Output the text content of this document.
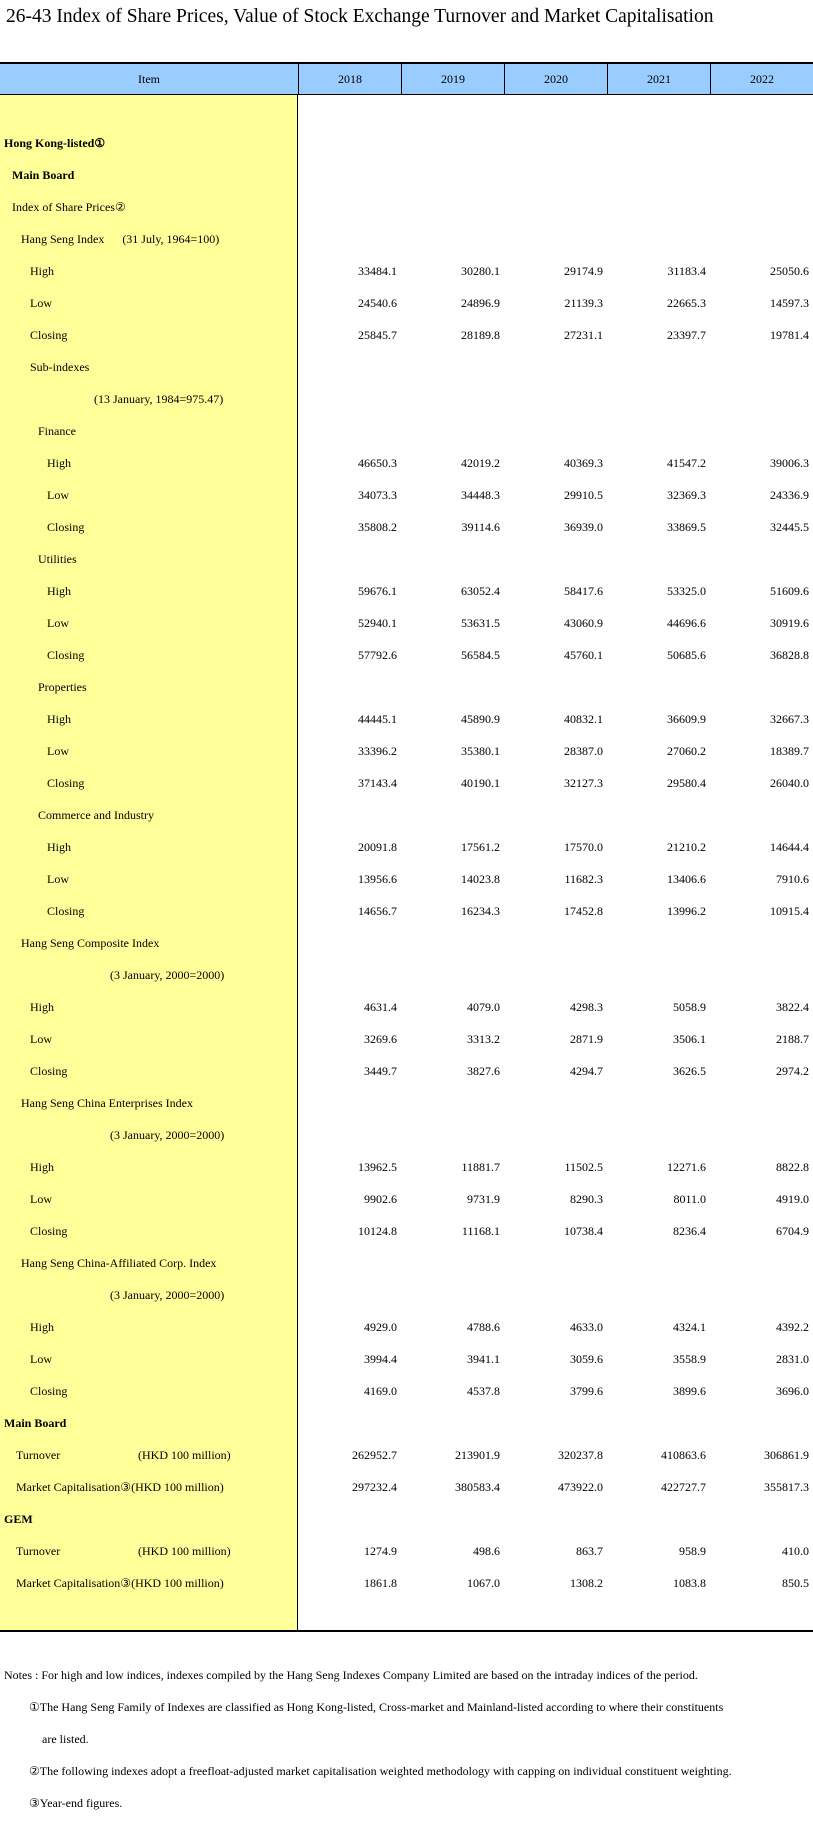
26-43 Index of Share Prices, Value of Stock Exchange Turnover and Market Capitalisation
Item	2018	2019	2020	2021	2022
Hong Kong-listed①
Main Board
Index of Share Prices②
Hang Seng Index      (31 July, 1964=100)
High	33484.1	30280.1	29174.9	31183.4	25050.6
Low	24540.6	24896.9	21139.3	22665.3	14597.3
Closing	25845.7	28189.8	27231.1	23397.7	19781.4
Sub-indexes
(13 January, 1984=975.47)
Finance
High	46650.3	42019.2	40369.3	41547.2	39006.3
Low	34073.3	34448.3	29910.5	32369.3	24336.9
Closing	35808.2	39114.6	36939.0	33869.5	32445.5
Utilities
High	59676.1	63052.4	58417.6	53325.0	51609.6
Low	52940.1	53631.5	43060.9	44696.6	30919.6
Closing	57792.6	56584.5	45760.1	50685.6	36828.8
Properties
High	44445.1	45890.9	40832.1	36609.9	32667.3
Low	33396.2	35380.1	28387.0	27060.2	18389.7
Closing	37143.4	40190.1	32127.3	29580.4	26040.0
Commerce and Industry
High	20091.8	17561.2	17570.0	21210.2	14644.4
Low	13956.6	14023.8	11682.3	13406.6	7910.6
Closing	14656.7	16234.3	17452.8	13996.2	10915.4
Hang Seng Composite Index
(3 January, 2000=2000)
High	4631.4	4079.0	4298.3	5058.9	3822.4
Low	3269.6	3313.2	2871.9	3506.1	2188.7
Closing	3449.7	3827.6	4294.7	3626.5	2974.2
Hang Seng China Enterprises Index
(3 January, 2000=2000)
High	13962.5	11881.7	11502.5	12271.6	8822.8
Low	9902.6	9731.9	8290.3	8011.0	4919.0
Closing	10124.8	11168.1	10738.4	8236.4	6704.9
Hang Seng China-Affiliated Corp. Index
(3 January, 2000=2000)
High	4929.0	4788.6	4633.0	4324.1	4392.2
Low	3994.4	3941.1	3059.6	3558.9	2831.0
Closing	4169.0	4537.8	3799.6	3899.6	3696.0
Main Board
Turnover	(HKD 100 million)	262952.7	213901.9	320237.8	410863.6	306861.9
Market Capitalisation③(HKD 100 million)	297232.4	380583.4	473922.0	422727.7	355817.3
GEM
Turnover	(HKD 100 million)	1274.9	498.6	863.7	958.9	410.0
Market Capitalisation③(HKD 100 million)	1861.8	1067.0	1308.2	1083.8	850.5
Notes : For high and low indices, indexes compiled by the Hang Seng Indexes Company Limited are based on the intraday indices of the period.
①The Hang Seng Family of Indexes are classified as Hong Kong-listed, Cross-market and Mainland-listed according to where their constituents
are listed.
②The following indexes adopt a freefloat-adjusted market capitalisation weighted methodology with capping on individual constituent weighting.
③Year-end figures.
